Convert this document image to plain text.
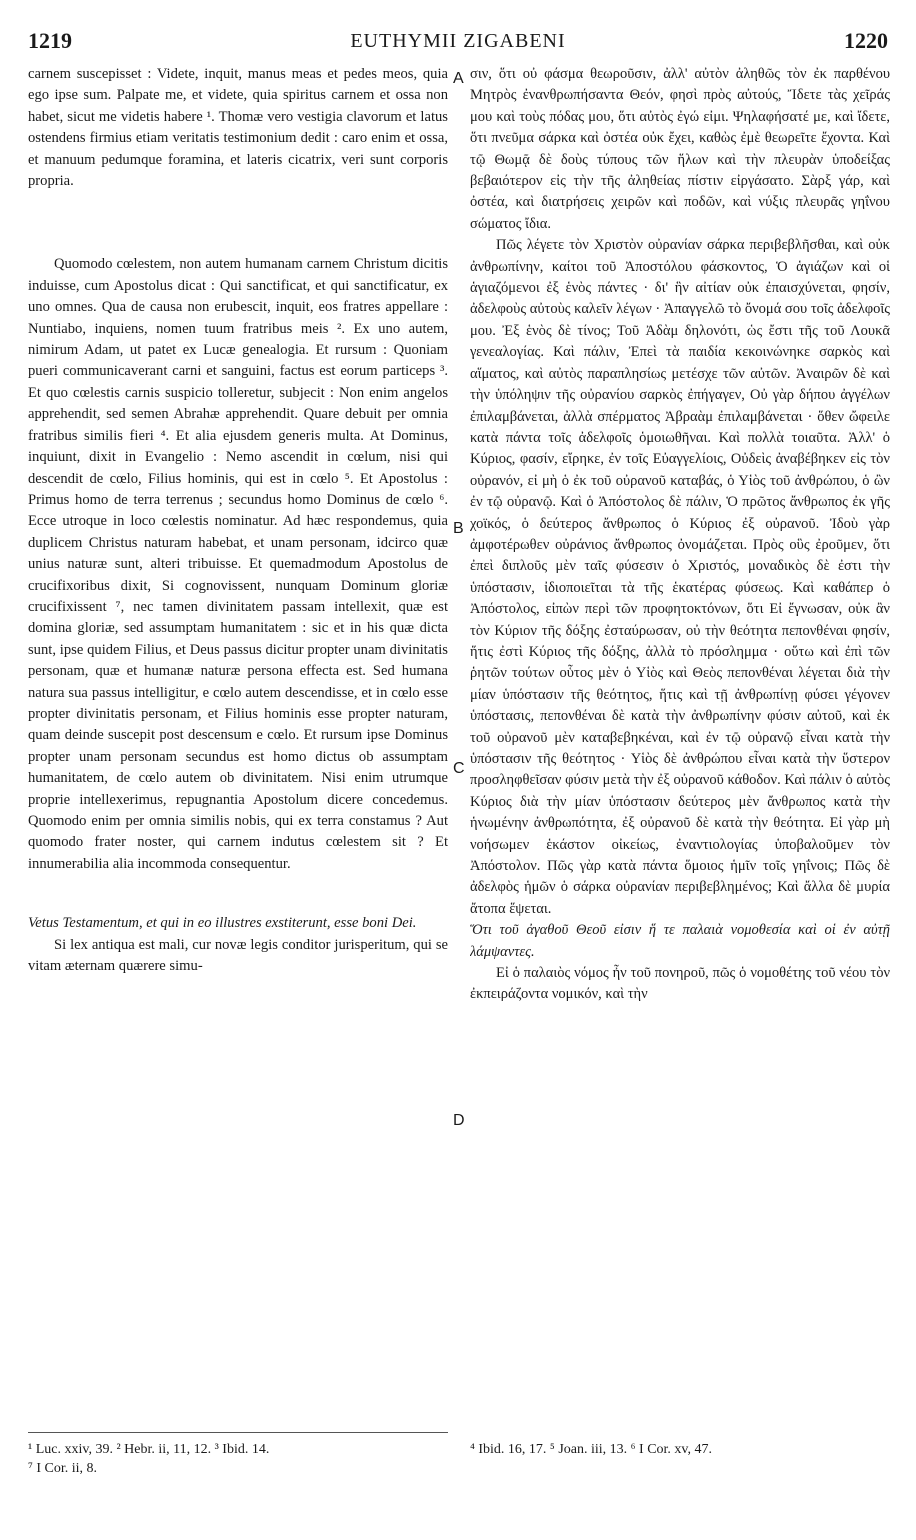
1219	EUTHYMII ZIGABENI	1220

carnem suscepisset : Videte, inquit, manus meas et pedes meos, quia ego ipse sum. Palpate me, et videte, quia spiritus carnem et ossa non habet, sicut me videtis habere ¹. Thomæ vero vestigia clavorum et latus ostendens firmius etiam veritatis testimonium dedit : caro enim et ossa, et manuum pedumque foramina, et lateris cicatrix, veri sunt corporis propria.

Quomodo cœlestem, non autem humanam carnem Christum dicitis induisse, cum Apostolus dicat : Qui sanctificat, et qui sanctificatur, ex uno omnes. Qua de causa non erubescit, inquit, eos fratres appellare : Nuntiabo, inquiens, nomen tuum fratribus meis ². Ex uno autem, nimirum Adam, ut patet ex Lucæ genealogia. Et rursum : Quoniam pueri communicaverant carni et sanguini, factus est eorum particeps ³. Et quo cœlestis carnis suspicio tolleretur, subjecit : Non enim angelos apprehendit, sed semen Abrahæ apprehendit. Quare debuit per omnia fratribus similis fieri ⁴. Et alia ejusdem generis multa. At Dominus, inquiunt, dixit in Evangelio : Nemo ascendit in cœlum, nisi qui descendit de cœlo, Filius hominis, qui est in cœlo ⁵. Et Apostolus : Primus homo de terra terrenus ; secundus homo Dominus de cœlo ⁶. Ecce utroque in loco cœlestis nominatur. Ad hæc respondemus, quia duplicem Christus naturam habebat, et unam personam, idcirco quæ unius naturæ sunt, alteri tribuisse. Et quemadmodum Apostolus de crucifixoribus dixit, Si cognovissent, nunquam Dominum gloriæ crucifixissent ⁷, nec tamen divinitatem passam intellexit, quæ est domina gloriæ, sed assumptam humanitatem : sic et in his quæ dicta sunt, ipse quidem Filius, et Deus passus dicitur propter unam divinitatis personam, quæ et humanæ naturæ persona effecta est. Sed humana natura sua passus intelligitur, e cœlo autem descendisse, et in cœlo esse propter divinitatis personam, et Filius hominis esse propter naturam, quam deinde suscepit post descensum e cœlo. Et rursum ipse Dominus propter unam personam secundus est homo dictus ob assumptam humanitatem, de cœlo autem ob divinitatem. Nisi enim utrumque proprie intellexerimus, repugnantia Apostolum dicere concedemus. Quomodo enim per omnia similis nobis, qui ex terra constamus ? Aut quomodo frater noster, qui carnem indutus cœlestem sit ? Et innumerabilia alia incommoda consequentur.

Vetus Testamentum, et qui in eo illustres exstiterunt, esse boni Dei.

Si lex antiqua est mali, cur novæ legis conditor jurisperitum, qui se vitam æternam quærere simu-

A
B
C
D

σιν, ὅτι οὐ φάσμα θεωροῦσιν, ἀλλ' αὐτὸν ἀληθῶς τὸν ἐκ παρθένου Μητρὸς ἐνανθρωπήσαντα Θεόν, φησὶ πρὸς αὐτούς, Ἴδετε τὰς χεῖράς μου καὶ τοὺς πόδας μου, ὅτι αὐτὸς ἐγώ εἰμι. Ψηλαφήσατέ με, καὶ ἴδετε, ὅτι πνεῦμα σάρκα καὶ ὀστέα οὐκ ἔχει, καθὼς ἐμὲ θεωρεῖτε ἔχοντα. Καὶ τῷ Θωμᾷ δὲ δοὺς τύπους τῶν ἥλων καὶ τὴν πλευρὰν ὑποδείξας βεβαιότερον εἰς τὴν τῆς ἀληθείας πίστιν εἰργάσατο. Σὰρξ γάρ, καὶ ὀστέα, καὶ διατρήσεις χειρῶν καὶ ποδῶν, καὶ νύξις πλευρᾶς γηΐνου σώματος ἴδια.

Πῶς λέγετε τὸν Χριστὸν οὐρανίαν σάρκα περιβεβλῆσθαι, καὶ οὐκ ἀνθρωπίνην, καίτοι τοῦ Ἀποστόλου φάσκοντος, Ὁ ἁγιάζων καὶ οἱ ἁγιαζόμενοι ἐξ ἑνὸς πάντες · δι' ἣν αἰτίαν οὐκ ἐπαισχύνεται, φησίν, ἀδελφοὺς αὐτοὺς καλεῖν λέγων · Ἀπαγγελῶ τὸ ὄνομά σου τοῖς ἀδελφοῖς μου. Ἐξ ἑνὸς δὲ τίνος; Τοῦ Ἀδὰμ δηλονότι, ὡς ἔστι τῆς τοῦ Λουκᾶ γενεαλογίας. Καὶ πάλιν, Ἐπεὶ τὰ παιδία κεκοινώνηκε σαρκὸς καὶ αἵματος, καὶ αὐτὸς παραπλησίως μετέσχε τῶν αὐτῶν. Ἀναιρῶν δὲ καὶ τὴν ὑπόληψιν τῆς οὐρανίου σαρκὸς ἐπήγαγεν, Οὐ γὰρ δήπου ἀγγέλων ἐπιλαμβάνεται, ἀλλὰ σπέρματος Ἀβραὰμ ἐπιλαμβάνεται · ὅθεν ὤφειλε κατὰ πάντα τοῖς ἀδελφοῖς ὁμοιωθῆναι. Καὶ πολλὰ τοιαῦτα. Ἀλλ' ὁ Κύριος, φασίν, εἴρηκε, ἐν τοῖς Εὐαγγελίοις, Οὐδεὶς ἀναβέβηκεν εἰς τὸν οὐρανόν, εἰ μὴ ὁ ἐκ τοῦ οὐρανοῦ καταβάς, ὁ Υἱὸς τοῦ ἀνθρώπου, ὁ ὢν ἐν τῷ οὐρανῷ. Καὶ ὁ Ἀπόστολος δὲ πάλιν, Ὁ πρῶτος ἄνθρωπος ἐκ γῆς χοϊκός, ὁ δεύτερος ἄνθρωπος ὁ Κύριος ἐξ οὐρανοῦ. Ἰδοὺ γὰρ ἀμφοτέρωθεν οὐράνιος ἄνθρωπος ὀνομάζεται. Πρὸς οὓς ἐροῦμεν, ὅτι ἐπεὶ διπλοῦς μὲν ταῖς φύσεσιν ὁ Χριστός, μοναδικὸς δὲ ἐστι τὴν ὑπόστασιν, ἰδιοποιεῖται τὰ τῆς ἑκατέρας φύσεως. Καὶ καθάπερ ὁ Ἀπόστολος, εἰπὼν περὶ τῶν προφητοκτόνων, ὅτι Εἰ ἔγνωσαν, οὐκ ἂν τὸν Κύριον τῆς δόξης ἐσταύρωσαν, οὐ τὴν θεότητα πεπονθέναι φησίν, ἥτις ἐστὶ Κύριος τῆς δόξης, ἀλλὰ τὸ πρόσλημμα · οὕτω καὶ ἐπὶ τῶν ῥητῶν τούτων οὗτος μὲν ὁ Υἱὸς καὶ Θεὸς πεπονθέναι λέγεται διὰ τὴν μίαν ὑπόστασιν τῆς θεότητος, ἥτις καὶ τῇ ἀνθρωπίνῃ φύσει γέγονεν ὑπόστασις, πεπονθέναι δὲ κατὰ τὴν ἀνθρωπίνην φύσιν αὐτοῦ, καὶ ἐκ τοῦ οὐρανοῦ μὲν καταβεβηκέναι, καὶ ἐν τῷ οὐρανῷ εἶναι κατὰ τὴν ὑπόστασιν τῆς θεότητος · Υἱὸς δὲ ἀνθρώπου εἶναι κατὰ τὴν ὕστερον προσληφθεῖσαν φύσιν μετὰ τὴν ἐξ οὐρανοῦ κάθοδον. Καὶ πάλιν ὁ αὐτὸς Κύριος διὰ τὴν μίαν ὑπόστασιν δεύτερος μὲν ἄνθρωπος κατὰ τὴν ἡνωμένην ἀνθρωπότητα, ἐξ οὐρανοῦ δὲ κατὰ τὴν θεότητα. Εἰ γὰρ μὴ νοήσωμεν ἑκάστον οἰκείως, ἐναντιολογίας ὑποβαλοῦμεν τὸν Ἀπόστολον. Πῶς γὰρ κατὰ πάντα ὅμοιος ἡμῖν τοῖς γηΐνοις; Πῶς δὲ ἀδελφὸς ἡμῶν ὁ σάρκα οὐρανίαν περιβεβλημένος; Καὶ ἄλλα δὲ μυρία ἄτοπα ἕψεται.

Ὅτι τοῦ ἀγαθοῦ Θεοῦ εἰσιν ἥ τε παλαιὰ νομοθεσία καὶ οἱ ἐν αὐτῇ λάμψαντες.

Εἰ ὁ παλαιὸς νόμος ἦν τοῦ πονηροῦ, πῶς ὁ νομοθέτης τοῦ νέου τὸν ἐκπειράζοντα νομικόν, καὶ τὴν

¹ Luc. xxiv, 39. ² Hebr. ii, 11, 12. ³ Ibid. 14.
⁷ I Cor. ii, 8.
⁴ Ibid. 16, 17. ⁵ Joan. iii, 13. ⁶ I Cor. xv, 47.
